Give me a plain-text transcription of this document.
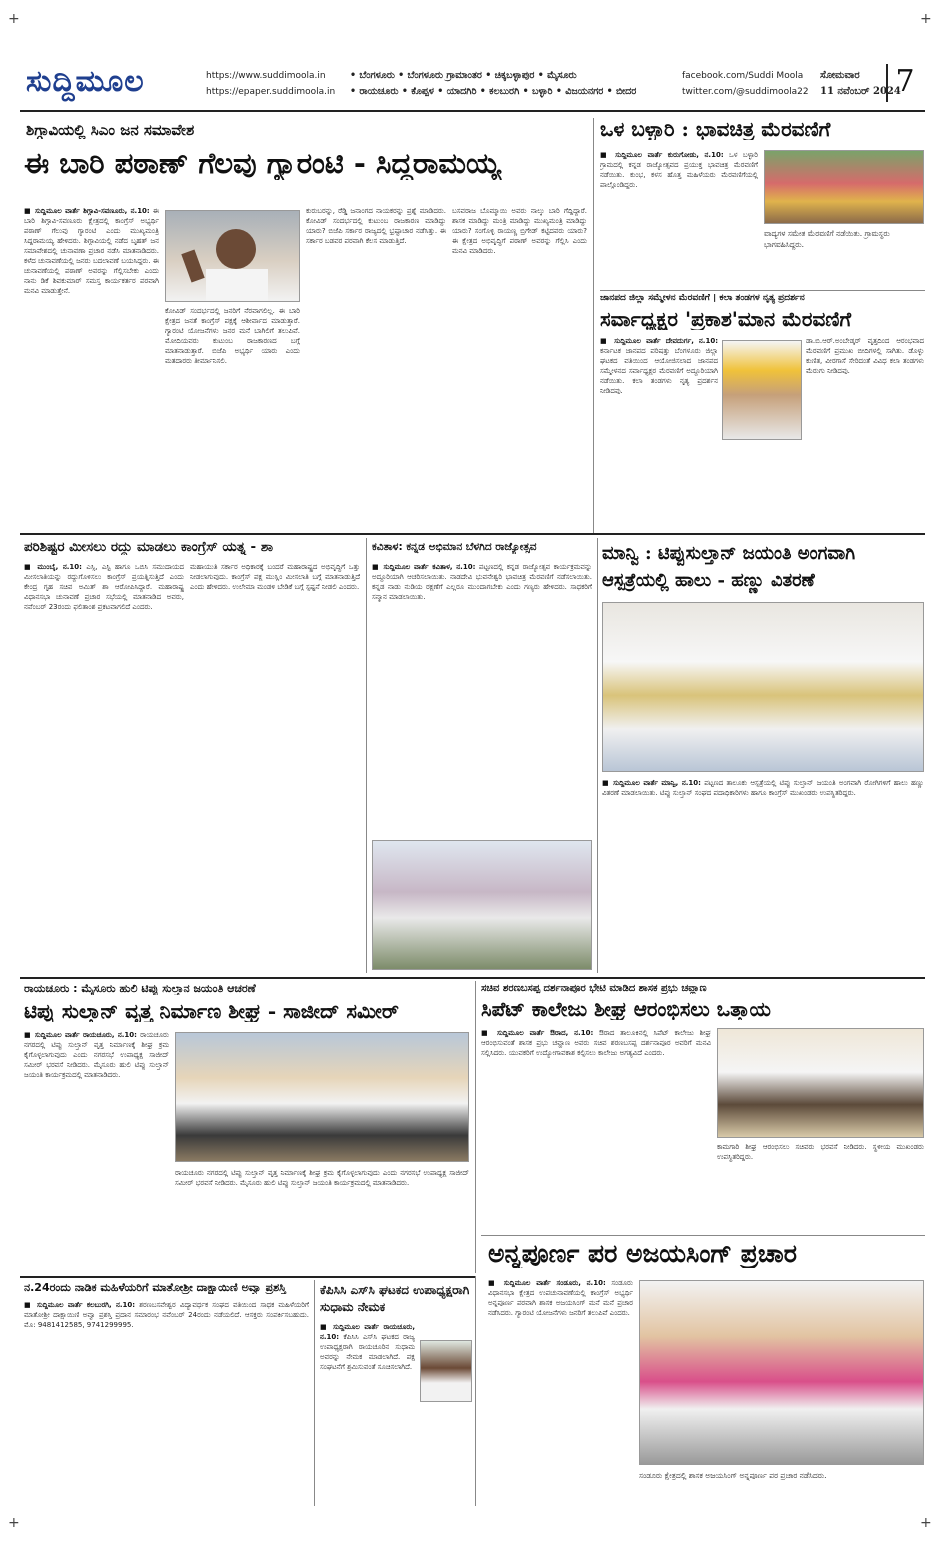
+	+
+	+
ಸುದ್ದಿಮೂಲ	https://www.suddimoola.in
https://epaper.suddimoola.in
• ಬೆಂಗಳೂರು • ಬೆಂಗಳೂರು ಗ್ರಾಮಾಂತರ • ಚಿಕ್ಕಬಳ್ಳಾಪುರ • ಮೈಸೂರು
• ರಾಯಚೂರು • ಕೊಪ್ಪಳ • ಯಾದಗಿರಿ • ಕಲಬುರಗಿ • ಬಳ್ಳಾರಿ • ವಿಜಯನಗರ • ಬೀದರ
facebook.com/Suddi Moola
twitter.com/@suddimoola22
ಸೋಮವಾರ
11 ನವೆಂಬರ್ 2024
7
ಶಿಗ್ಗಾವಿಯಲ್ಲಿ ಸಿಎಂ ಜನ ಸಮಾವೇಶ
ಈ ಬಾರಿ ಪಠಾಣ್ ಗೆಲವು ಗ್ಯಾರಂಟಿ - ಸಿದ್ದರಾಮಯ್ಯ
■ ಸುದ್ದಿಮೂಲ ವಾರ್ತೆ ಶಿಗ್ಗಾವಿ-ಸವಣೂರು, ನ.10: ಈ ಬಾರಿ ಶಿಗ್ಗಾವಿ-ಸವಣೂರು ಕ್ಷೇತ್ರದಲ್ಲಿ ಕಾಂಗ್ರೆಸ್ ಅಭ್ಯರ್ಥಿ ಪಠಾಣ್ ಗೆಲುವು ಗ್ಯಾರಂಟಿ ಎಂದು ಮುಖ್ಯಮಂತ್ರಿ ಸಿದ್ದರಾಮಯ್ಯ ಹೇಳಿದರು. ಶಿಗ್ಗಾವಿಯಲ್ಲಿ ನಡೆದ ಬೃಹತ್ ಜನ ಸಮಾವೇಶದಲ್ಲಿ ಚುನಾವಣಾ ಪ್ರಚಾರ ನಡೆಸಿ ಮಾತನಾಡಿದರು. ಕಳೆದ ಚುನಾವಣೆಯಲ್ಲಿ ಜನರು ಬದಲಾವಣೆ ಬಯಸಿದ್ದರು. ಈ ಚುನಾವಣೆಯಲ್ಲಿ ಪಠಾಣ್ ಅವರನ್ನು ಗೆಲ್ಲಿಸಬೇಕು ಎಂದು ನಾನು ಡಿಕೆ ಶಿವಕುಮಾರ್ ಸಮಸ್ತ ಕಾರ್ಯಕರ್ತರ ಪರವಾಗಿ ಮನವಿ ಮಾಡುತ್ತೇನೆ.
ಕೋವಿಡ್ ಸಂದರ್ಭದಲ್ಲಿ ಜನರಿಗೆ ನೆರವಾಗಲಿಲ್ಲ. ಈ ಬಾರಿ ಕ್ಷೇತ್ರದ ಜನತೆ ಕಾಂಗ್ರೆಸ್ ಪಕ್ಷಕ್ಕೆ ಆಶೀರ್ವಾದ ಮಾಡುತ್ತಾರೆ. ಗ್ಯಾರಂಟಿ ಯೋಜನೆಗಳು ಜನರ ಮನೆ ಬಾಗಿಲಿಗೆ ತಲುಪಿವೆ. ಮೋದಿಯವರು ಕುಟುಂಬ ರಾಜಕಾರಣದ ಬಗ್ಗೆ ಮಾತನಾಡುತ್ತಾರೆ. ಬಿಜೆಪಿ ಅಭ್ಯರ್ಥಿ ಯಾರು ಎಂದು ಮತದಾರರು ತೀರ್ಮಾನಿಸಲಿ.
ಕುರುಬರನ್ನು, ರೆಡ್ಡಿ ಜನಾಂಗದ ನಾಯಕರನ್ನು ಪ್ರಶ್ನೆ ಮಾಡಿದರು. ಕೋವಿಡ್ ಸಂದರ್ಭದಲ್ಲಿ ಕುಟುಂಬ ರಾಜಕಾರಣ ಮಾಡಿದ್ದು ಯಾರು? ಬಿಜೆಪಿ ಸರ್ಕಾರ ರಾಜ್ಯದಲ್ಲಿ ಭ್ರಷ್ಟಾಚಾರ ನಡೆಸಿತ್ತು. ಈ ಸರ್ಕಾರ ಬಡವರ ಪರವಾಗಿ ಕೆಲಸ ಮಾಡುತ್ತಿದೆ.
ಬಸವರಾಜ ಬೊಮ್ಮಾಯಿ ಅವರು ನಾಲ್ಕು ಬಾರಿ ಗೆದ್ದಿದ್ದಾರೆ. ಶಾಸಕ ಮಾಡಿದ್ದು ಮಂತ್ರಿ ಮಾಡಿದ್ದು ಮುಖ್ಯಮಂತ್ರಿ ಮಾಡಿದ್ದು ಯಾರು? ಸಂಗೊಳ್ಳಿ ರಾಯಣ್ಣ ಬ್ರಿಗೇಡ್ ಕಟ್ಟಿದವರು ಯಾರು? ಈ ಕ್ಷೇತ್ರದ ಅಭಿವೃದ್ಧಿಗೆ ಪಠಾಣ್ ಅವರನ್ನು ಗೆಲ್ಲಿಸಿ ಎಂದು ಮನವಿ ಮಾಡಿದರು.
ಒಳ ಬಳ್ಳಾರಿ : ಭಾವಚಿತ್ರ ಮೆರವಣಿಗೆ
■ ಸುದ್ದಿಮೂಲ ವಾರ್ತೆ ಕುರುಗೋಡು, ನ.10: ಒಳ ಬಳ್ಳಾರಿ ಗ್ರಾಮದಲ್ಲಿ ಕನ್ನಡ ರಾಜ್ಯೋತ್ಸವದ ಪ್ರಯುಕ್ತ ಭಾವಚಿತ್ರ ಮೆರವಣಿಗೆ ನಡೆಯಿತು. ಕುಂಭ, ಕಳಸ ಹೊತ್ತ ಮಹಿಳೆಯರು ಮೆರವಣಿಗೆಯಲ್ಲಿ ಪಾಲ್ಗೊಂಡಿದ್ದರು.
ವಾದ್ಯಗಳ ಸಮೇತ ಮೆರವಣಿಗೆ ನಡೆಯಿತು. ಗ್ರಾಮಸ್ಥರು ಭಾಗವಹಿಸಿದ್ದರು.
ಜಾನಪದ ಜಿಲ್ಲಾ ಸಮ್ಮೇಳನ ಮೆರವಣಿಗೆ | ಕಲಾ ತಂಡಗಳ ನೃತ್ಯ ಪ್ರದರ್ಶನ
ಸರ್ವಾಧ್ಯಕ್ಷರ 'ಪ್ರಕಾಶ'ಮಾನ ಮೆರವಣಿಗೆ
■ ಸುದ್ದಿಮೂಲ ವಾರ್ತೆ ದೇವದುರ್ಗ, ನ.10: ಕರ್ನಾಟಕ ಜಾನಪದ ಪರಿಷತ್ತು ಬೆಂಗಳೂರು ಜಿಲ್ಲಾ ಘಟಕದ ವತಿಯಿಂದ ಆಯೋಜಿಸಲಾದ ಜಾನಪದ ಸಮ್ಮೇಳನದ ಸರ್ವಾಧ್ಯಕ್ಷರ ಮೆರವಣಿಗೆ ಅದ್ದೂರಿಯಾಗಿ ನಡೆಯಿತು. ಕಲಾ ತಂಡಗಳು ನೃತ್ಯ ಪ್ರದರ್ಶನ ನೀಡಿದವು.
ಡಾ.ಬಿ.ಆರ್.ಅಂಬೇಡ್ಕರ್ ವೃತ್ತದಿಂದ ಆರಂಭವಾದ ಮೆರವಣಿಗೆ ಪ್ರಮುಖ ಬೀದಿಗಳಲ್ಲಿ ಸಾಗಿತು. ಡೊಳ್ಳು ಕುಣಿತ, ವೀರಗಾಸೆ ಸೇರಿದಂತೆ ವಿವಿಧ ಕಲಾ ತಂಡಗಳು ಮೆರುಗು ನೀಡಿದವು.
ಪರಿಶಿಷ್ಟರ ಮೀಸಲು ರದ್ದು ಮಾಡಲು ಕಾಂಗ್ರೆಸ್ ಯತ್ನ - ಶಾ
■ ಮುಂಬೈ, ನ.10: ಎಸ್ಸಿ, ಎಸ್ಟಿ ಹಾಗೂ ಒಬಿಸಿ ಸಮುದಾಯದ ಮೀಸಲಾತಿಯನ್ನು ರದ್ದುಗೊಳಿಸಲು ಕಾಂಗ್ರೆಸ್ ಪ್ರಯತ್ನಿಸುತ್ತಿದೆ ಎಂದು ಕೇಂದ್ರ ಗೃಹ ಸಚಿವ ಅಮಿತ್ ಶಾ ಆರೋಪಿಸಿದ್ದಾರೆ. ಮಹಾರಾಷ್ಟ್ರ ವಿಧಾನಸಭಾ ಚುನಾವಣೆ ಪ್ರಚಾರ ಸಭೆಯಲ್ಲಿ ಮಾತನಾಡಿದ ಅವರು, ನವೆಂಬರ್ 23ರಂದು ಫಲಿತಾಂಶ ಪ್ರಕಟವಾಗಲಿದೆ ಎಂದರು.
ಮಹಾಯುತಿ ಸರ್ಕಾರ ಅಧಿಕಾರಕ್ಕೆ ಬಂದರೆ ಮಹಾರಾಷ್ಟ್ರದ ಅಭಿವೃದ್ಧಿಗೆ ಒತ್ತು ನೀಡಲಾಗುವುದು. ಕಾಂಗ್ರೆಸ್ ಪಕ್ಷ ಮುಸ್ಲಿಂ ಮೀಸಲಾತಿ ಬಗ್ಗೆ ಮಾತನಾಡುತ್ತಿದೆ ಎಂದು ಹೇಳಿದರು. ಉಲೇಮಾ ಮಂಡಳಿ ಬೇಡಿಕೆ ಬಗ್ಗೆ ಸ್ಪಷ್ಟನೆ ನೀಡಲಿ ಎಂದರು.
ಕವಿತಾಳ: ಕನ್ನಡ ಅಭಿಮಾನ ಬೆಳಗಿದ ರಾಜ್ಯೋತ್ಸವ
■ ಸುದ್ದಿಮೂಲ ವಾರ್ತೆ ಕವಿತಾಳ, ನ.10: ಪಟ್ಟಣದಲ್ಲಿ ಕನ್ನಡ ರಾಜ್ಯೋತ್ಸವ ಕಾರ್ಯಕ್ರಮವನ್ನು ಅದ್ದೂರಿಯಾಗಿ ಆಚರಿಸಲಾಯಿತು. ನಾಡದೇವಿ ಭುವನೇಶ್ವರಿ ಭಾವಚಿತ್ರ ಮೆರವಣಿಗೆ ನಡೆಸಲಾಯಿತು. ಕನ್ನಡ ನಾಡು ನುಡಿಯ ರಕ್ಷಣೆಗೆ ಎಲ್ಲರೂ ಮುಂದಾಗಬೇಕು ಎಂದು ಗಣ್ಯರು ಹೇಳಿದರು. ಸಾಧಕರಿಗೆ ಸನ್ಮಾನ ಮಾಡಲಾಯಿತು.
ಮಾನ್ವಿ : ಟಿಪ್ಪುಸುಲ್ತಾನ್ ಜಯಂತಿ ಅಂಗವಾಗಿ ಆಸ್ಪತ್ರೆಯಲ್ಲಿ ಹಾಲು - ಹಣ್ಣು ವಿತರಣೆ
■ ಸುದ್ದಿಮೂಲ ವಾರ್ತೆ ಮಾನ್ವಿ, ನ.10: ಪಟ್ಟಣದ ತಾಲೂಕು ಆಸ್ಪತ್ರೆಯಲ್ಲಿ ಟಿಪ್ಪು ಸುಲ್ತಾನ್ ಜಯಂತಿ ಅಂಗವಾಗಿ ರೋಗಿಗಳಿಗೆ ಹಾಲು ಹಣ್ಣು ವಿತರಣೆ ಮಾಡಲಾಯಿತು. ಟಿಪ್ಪು ಸುಲ್ತಾನ್ ಸಂಘದ ಪದಾಧಿಕಾರಿಗಳು ಹಾಗೂ ಕಾಂಗ್ರೆಸ್ ಮುಖಂಡರು ಉಪಸ್ಥಿತರಿದ್ದರು.
ರಾಯಚೂರು : ಮೈಸೂರು ಹುಲಿ ಟಿಪ್ಪು ಸುಲ್ತಾನ ಜಯಂತಿ ಆಚರಣೆ
ಟಿಪ್ಪು ಸುಲ್ತಾನ್ ವೃತ್ತ ನಿರ್ಮಾಣ ಶೀಘ್ರ - ಸಾಜೀದ್ ಸಮೀರ್
■ ಸುದ್ದಿಮೂಲ ವಾರ್ತೆ ರಾಯಚೂರು, ನ.10: ರಾಯಚೂರು ನಗರದಲ್ಲಿ ಟಿಪ್ಪು ಸುಲ್ತಾನ್ ವೃತ್ತ ನಿರ್ಮಾಣಕ್ಕೆ ಶೀಘ್ರ ಕ್ರಮ ಕೈಗೊಳ್ಳಲಾಗುವುದು ಎಂದು ನಗರಸಭೆ ಉಪಾಧ್ಯಕ್ಷ ಸಾಜೀದ್ ಸಮೀರ್ ಭರವಸೆ ನೀಡಿದರು. ಮೈಸೂರು ಹುಲಿ ಟಿಪ್ಪು ಸುಲ್ತಾನ್ ಜಯಂತಿ ಕಾರ್ಯಕ್ರಮದಲ್ಲಿ ಮಾತನಾಡಿದರು.
ರಾಯಚೂರು ನಗರದಲ್ಲಿ ಟಿಪ್ಪು ಸುಲ್ತಾನ್ ವೃತ್ತ ನಿರ್ಮಾಣಕ್ಕೆ ಶೀಘ್ರ ಕ್ರಮ ಕೈಗೊಳ್ಳಲಾಗುವುದು ಎಂದು ನಗರಸಭೆ ಉಪಾಧ್ಯಕ್ಷ ಸಾಜೀದ್ ಸಮೀರ್ ಭರವಸೆ ನೀಡಿದರು. ಮೈಸೂರು ಹುಲಿ ಟಿಪ್ಪು ಸುಲ್ತಾನ್ ಜಯಂತಿ ಕಾರ್ಯಕ್ರಮದಲ್ಲಿ ಮಾತನಾಡಿದರು.
ಸಚಿವ ಶರಣಬಸಪ್ಪ ದರ್ಶನಾಪೂರ ಭೇಟಿ ಮಾಡಿದ ಶಾಸಕ ಪ್ರಭು ಚವ್ಹಾಣ
ಸಿಪೆಟ್ ಕಾಲೇಜು ಶೀಘ್ರ ಆರಂಭಿಸಲು ಒತ್ತಾಯ
■ ಸುದ್ದಿಮೂಲ ವಾರ್ತೆ ಔರಾದ, ನ.10: ಔರಾದ ತಾಲೂಕಿನಲ್ಲಿ ಸಿಪೆಟ್ ಕಾಲೇಜು ಶೀಘ್ರ ಆರಂಭಿಸುವಂತೆ ಶಾಸಕ ಪ್ರಭು ಚವ್ಹಾಣ ಅವರು ಸಚಿವ ಶರಣಬಸಪ್ಪ ದರ್ಶನಾಪೂರ ಅವರಿಗೆ ಮನವಿ ಸಲ್ಲಿಸಿದರು. ಯುವಕರಿಗೆ ಉದ್ಯೋಗಾವಕಾಶ ಕಲ್ಪಿಸಲು ಕಾಲೇಜು ಅಗತ್ಯವಿದೆ ಎಂದರು.
ಕಾಮಗಾರಿ ಶೀಘ್ರ ಆರಂಭಿಸಲು ಸಚಿವರು ಭರವಸೆ ನೀಡಿದರು. ಸ್ಥಳೀಯ ಮುಖಂಡರು ಉಪಸ್ಥಿತರಿದ್ದರು.
ಅನ್ನಪೂರ್ಣ ಪರ ಅಜಯಸಿಂಗ್ ಪ್ರಚಾರ
■ ಸುದ್ದಿಮೂಲ ವಾರ್ತೆ ಸಂಡೂರು, ನ.10: ಸಂಡೂರು ವಿಧಾನಸಭಾ ಕ್ಷೇತ್ರದ ಉಪಚುನಾವಣೆಯಲ್ಲಿ ಕಾಂಗ್ರೆಸ್ ಅಭ್ಯರ್ಥಿ ಅನ್ನಪೂರ್ಣ ಪರವಾಗಿ ಶಾಸಕ ಅಜಯಸಿಂಗ್ ಮನೆ ಮನೆ ಪ್ರಚಾರ ನಡೆಸಿದರು. ಗ್ಯಾರಂಟಿ ಯೋಜನೆಗಳು ಜನರಿಗೆ ತಲುಪಿವೆ ಎಂದರು.
ಸಂಡೂರು ಕ್ಷೇತ್ರದಲ್ಲಿ ಶಾಸಕ ಅಜಯಸಿಂಗ್ ಅನ್ನಪೂರ್ಣ ಪರ ಪ್ರಚಾರ ನಡೆಸಿದರು.
ನ.24ರಂದು ನಾಡಿಕ ಮಹಿಳೆಯರಿಗೆ ಮಾತೋಶ್ರೀ ದಾಕ್ಷಾಯಿಣಿ ಅವ್ವಾ ಪ್ರಶಸ್ತಿ
■ ಸುದ್ದಿಮೂಲ ವಾರ್ತೆ ಕಲಬುರಗಿ, ನ.10: ಶರಣಬಸವೇಶ್ವರ ವಿದ್ಯಾವರ್ಧಕ ಸಂಘದ ವತಿಯಿಂದ ಸಾಧಕ ಮಹಿಳೆಯರಿಗೆ ಮಾತೋಶ್ರೀ ದಾಕ್ಷಾಯಿಣಿ ಅವ್ವಾ ಪ್ರಶಸ್ತಿ ಪ್ರದಾನ ಸಮಾರಂಭ ನವೆಂಬರ್ 24ರಂದು ನಡೆಯಲಿದೆ. ಆಸಕ್ತರು ಸಂಪರ್ಕಿಸಬಹುದು. ಮೊ: 9481412585, 9741299995.
ಕೆಪಿಸಿಸಿ ಎಸ್‌ಸಿ ಘಟಕದ ಉಪಾಧ್ಯಕ್ಷರಾಗಿ ಸುಧಾಮ ನೇಮಕ
■ ಸುದ್ದಿಮೂಲ ವಾರ್ತೆ ರಾಯಚೂರು, ನ.10: ಕೆಪಿಸಿಸಿ ಎಸ್‌ಸಿ ಘಟಕದ ರಾಜ್ಯ ಉಪಾಧ್ಯಕ್ಷರಾಗಿ ರಾಯಚೂರಿನ ಸುಧಾಮ ಅವರನ್ನು ನೇಮಕ ಮಾಡಲಾಗಿದೆ. ಪಕ್ಷ ಸಂಘಟನೆಗೆ ಶ್ರಮಿಸುವಂತೆ ಸೂಚಿಸಲಾಗಿದೆ.
